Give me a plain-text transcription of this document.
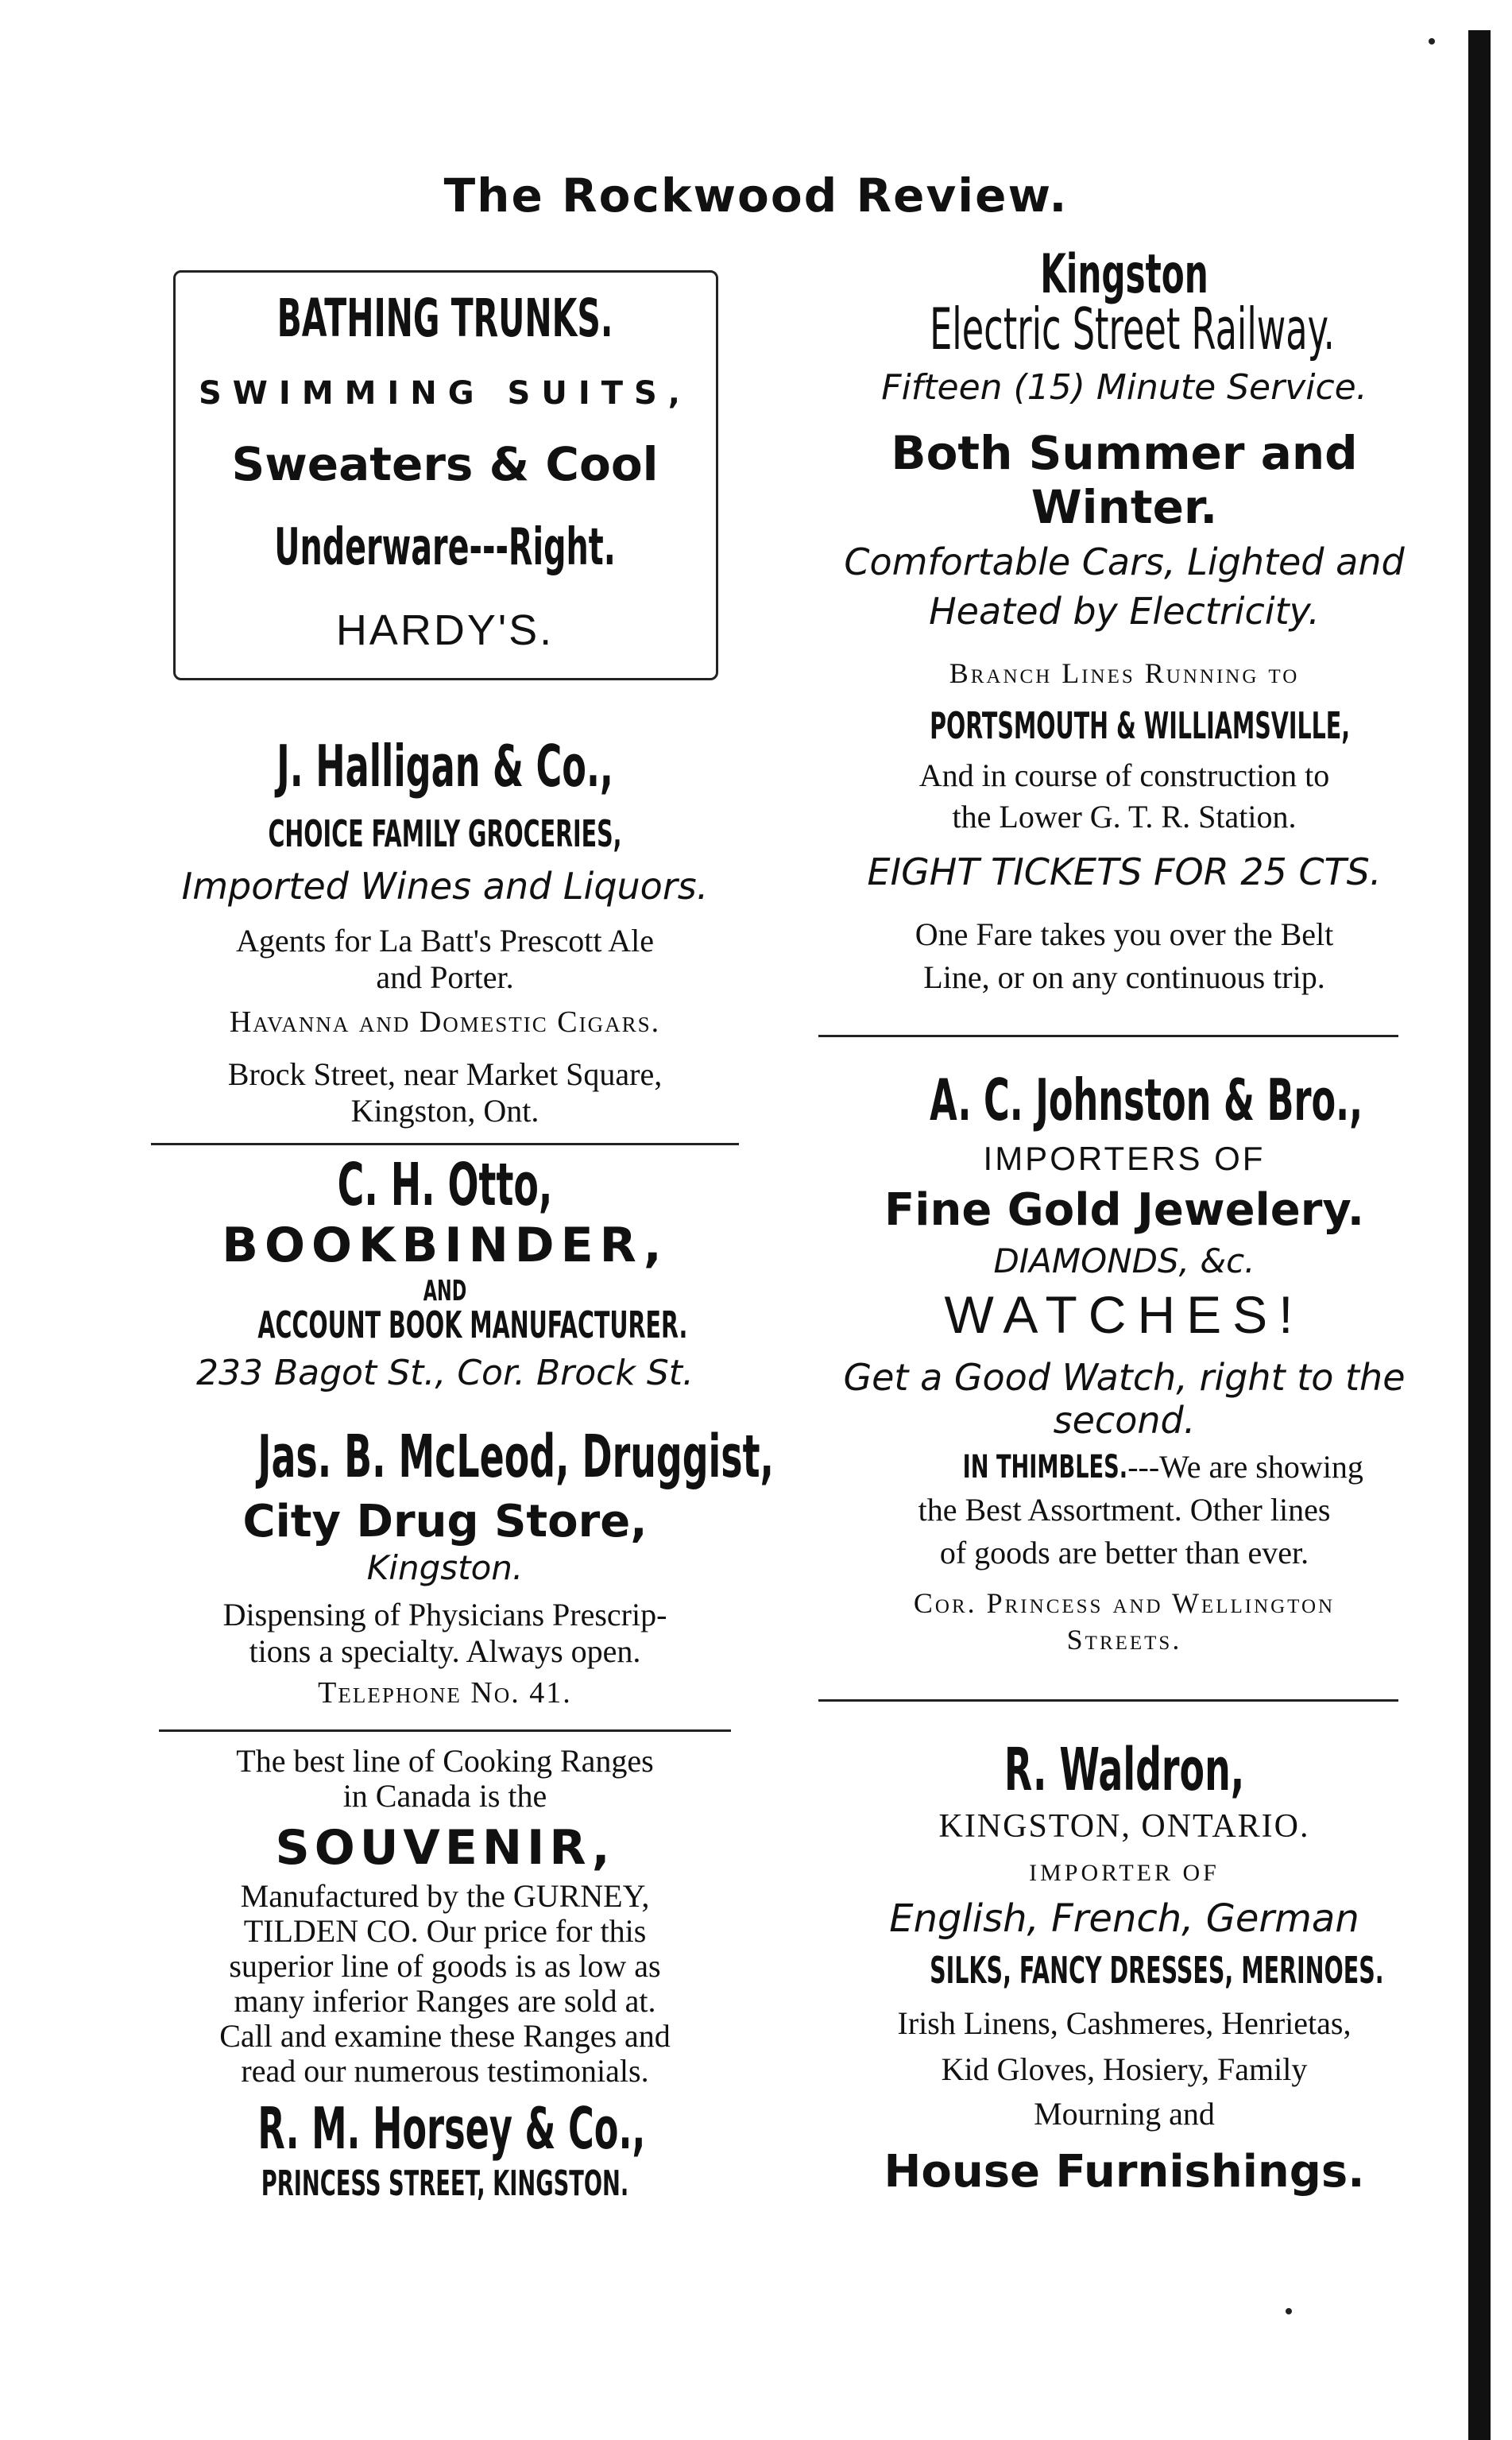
The Rockwood Review.
BATHING TRUNKS.
SWIMMING SUITS,
Sweaters & Cool
Underware---Right.
HARDY'S.
J. Halligan & Co.,
CHOICE FAMILY GROCERIES,
Imported Wines and Liquors.
Agents for La Batt's Prescott Ale
and Porter.
Havanna and Domestic Cigars.
Brock Street, near Market Square,
Kingston, Ont.
C. H. Otto,
BOOKBINDER,
AND
ACCOUNT BOOK MANUFACTURER.
233 Bagot St., Cor. Brock St.
Jas. B. McLeod, Druggist,
City Drug Store,
Kingston.
Dispensing of Physicians Prescrip-
tions a specialty. Always open.
Telephone No. 41.
The best line of Cooking Ranges
in Canada is the
SOUVENIR,
Manufactured by the GURNEY,
TILDEN CO. Our price for this
superior line of goods is as low as
many inferior Ranges are sold at.
Call and examine these Ranges and
read our numerous testimonials.
R. M. Horsey & Co.,
PRINCESS STREET, KINGSTON.
Kingston
Electric Street Railway.
Fifteen (15) Minute Service.
Both Summer and
Winter.
Comfortable Cars, Lighted and
Heated by Electricity.
Branch Lines Running to
PORTSMOUTH & WILLIAMSVILLE,
And in course of construction to
the Lower G. T. R. Station.
EIGHT TICKETS FOR 25 CTS.
One Fare takes you over the Belt
Line, or on any continuous trip.
A. C. Johnston & Bro.,
IMPORTERS OF
Fine Gold Jewelery.
DIAMONDS, &c.
WATCHES!
Get a Good Watch, right to the
second.
IN THIMBLES.---We are showing
the Best Assortment. Other lines
of goods are better than ever.
Cor. Princess and Wellington
Streets.
R. Waldron,
KINGSTON, ONTARIO.
IMPORTER OF
English, French, German
SILKS, FANCY DRESSES, MERINOES.
Irish Linens, Cashmeres, Henrietas,
Kid Gloves, Hosiery, Family
Mourning and
House Furnishings.
